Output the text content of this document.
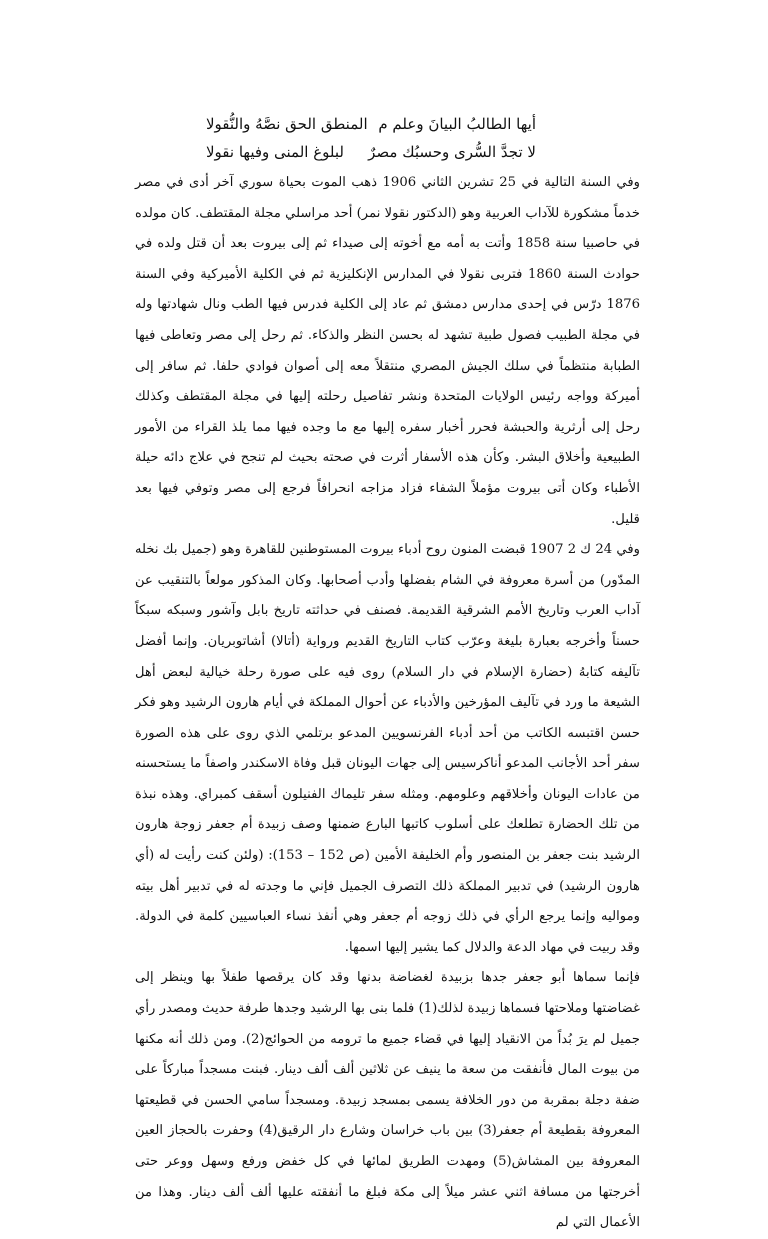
أيها الطالبُ البيانَ وعلم م
المنطق الحق نصَّهُ والنُّقولا
لا تجدَّ السُّرى وحسبُك مصرٌ
لبلوغ المنى وفيها نقولا

وفي السنة التالية في 25 تشرين الثاني 1906 ذهب الموت بحياة سوري آخر أدى في مصر خدماً مشكورة للآداب العربية وهو (الدكتور نقولا نمر) أحد مراسلي مجلة المقتطف. كان مولده في حاصبيا سنة 1858 وأتت به أمه مع أخوته إلى صيداء ثم إلى بيروت بعد أن قتل ولده في حوادث السنة 1860 فتربى نقولا في المدارس الإنكليزية ثم في الكلية الأميركية وفي السنة 1876 درّس في إحدى مدارس دمشق ثم عاد إلى الكلية فدرس فيها الطب ونال شهادتها وله في مجلة الطبيب فصول طبية تشهد له بحسن النظر والذكاء. ثم رحل إلى مصر وتعاطى فيها الطبابة منتظماً في سلك الجيش المصري منتقلاً معه إلى أصوان فوادي حلفا. ثم سافر إلى أميركة وواجه رئيس الولايات المتحدة ونشر تفاصيل رحلته إليها في مجلة المقتطف وكذلك رحل إلى أرثرية والحبشة فحرر أخبار سفره إليها مع ما وجده فيها مما يلذ القراء من الأمور الطبيعية وأخلاق البشر. وكأن هذه الأسفار أثرت في صحته بحيث لم تنجح في علاج دائه حيلة الأطباء وكان أتى بيروت مؤملاً الشفاء فزاد مزاجه انحرافاً فرجع إلى مصر وتوفي فيها بعد قليل.

وفي 24 ك 2 1907 قبضت المنون روح أدباء بيروت المستوطنين للقاهرة وهو (جميل بك نخله المدّور) من أسرة معروفة في الشام بفضلها وأدب أصحابها. وكان المذكور مولعاً بالتنقيب عن آداب العرب وتاريخ الأمم الشرقية القديمة. فصنف في حداثته تاريخ بابل وآشور وسبكه سبكاً حسناً وأخرجه بعبارة بليغة وعرّب كتاب التاريخ القديم ورواية (أتالا) أشاتوبريان. وإنما أفضل تآليفه كتابهُ (حضارة الإسلام في دار السلام) روى فيه على صورة رحلة خيالية لبعض أهل الشيعة ما ورد في تآليف المؤرخين والأدباء عن أحوال المملكة في أيام هارون الرشيد وهو فكر حسن اقتبسه الكاتب من أحد أدباء الفرنسويين المدعو برتلمي الذي روى على هذه الصورة سفر أحد الأجانب المدعو أناكرسيس إلى جهات اليونان قبل وفاة الاسكندر واصفاً ما يستحسنه من عادات اليونان وأخلاقهم وعلومهم. ومثله سفر تليماك الفنيلون أسقف كمبراي. وهذه نبذة من تلك الحضارة تطلعك على أسلوب كاتبها البارع ضمنها وصف زبيدة أم جعفر زوجة هارون الرشيد بنت جعفر بن المنصور وأم الخليفة الأمين (ص 152 – 153): (ولئن كنت رأيت له (أي هارون الرشيد) في تدبير المملكة ذلك التصرف الجميل فإني ما وجدته له في تدبير أهل بيته ومواليه وإنما يرجع الرأي في ذلك زوجه أم جعفر وهي أنفذ نساء العباسيين كلمة في الدولة. وقد ربيت في مهاد الدعة والدلال كما يشير إليها اسمها.

فإنما سماها أبو جعفر جدها بزبيدة لغضاضة بدنها وقد كان يرقصها طفلاً بها وينظر إلى غضاضتها وملاحتها فسماها زبيدة لذلك(1) فلما بنى بها الرشيد وجدها طرفة حديث ومصدر رأي جميل لم يرَ بُداً من الانقياد إليها في قضاء جميع ما ترومه من الحوائج(2). ومن ذلك أنه مكنها من بيوت المال فأنفقت من سعة ما ينيف عن ثلاثين ألف ألف دينار. فبنت مسجداً مباركاً على ضفة دجلة بمقربة من دور الخلافة يسمى بمسجد زبيدة. ومسجداً سامي الحسن في قطيعتها المعروفة بقطيعة أم جعفر(3) بين باب خراسان وشارع دار الرقيق(4) وحفرت بالحجاز العين المعروفة بين المشاش(5) ومهدت الطريق لمائها في كل خفض ورفع وسهل ووعر حتى أخرجتها من مسافة اثني عشر ميلاً إلى مكة فبلغ ما أنفقته عليها ألف ألف دينار. وهذا من الأعمال التي لم
